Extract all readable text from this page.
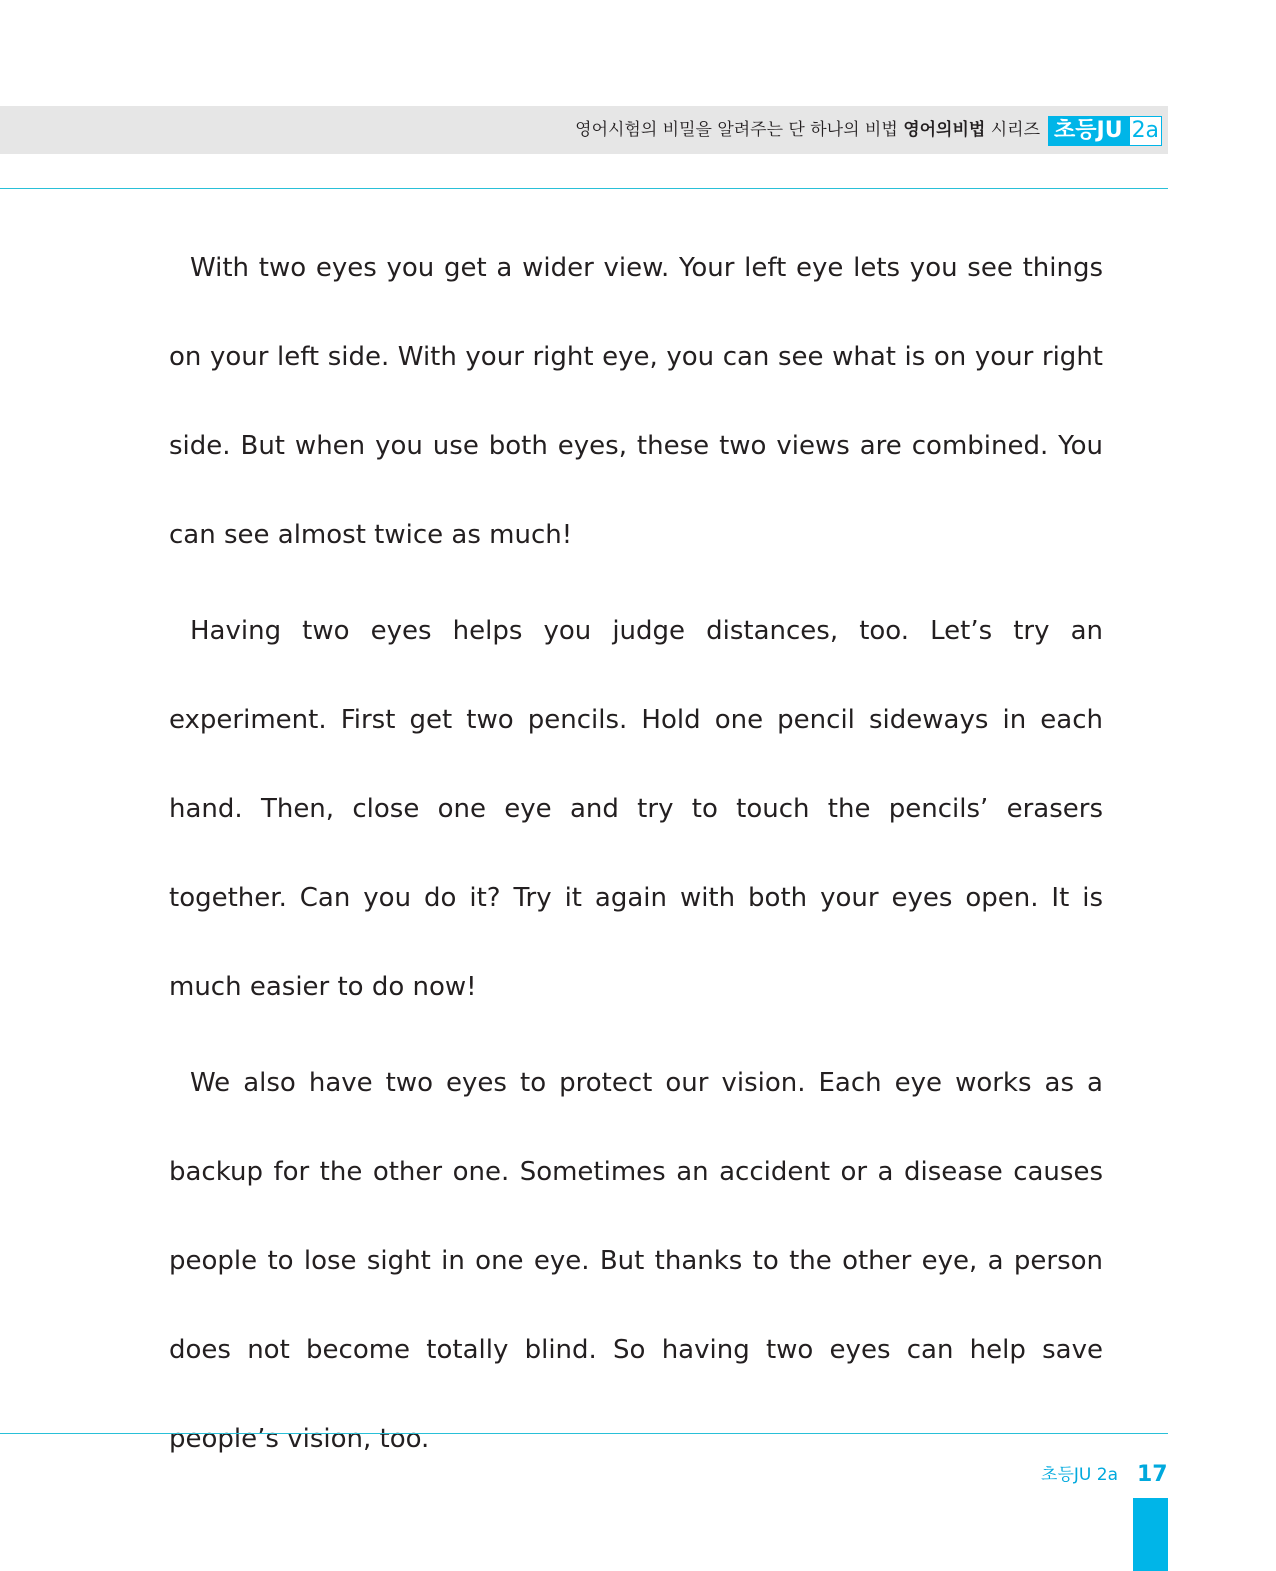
영어시험의 비밀을 알려주는 단 하나의 비법 영어의비법 시리즈 초등JU 2a

With two eyes you get a wider view. Your left eye lets you see things on your left side. With your right eye, you can see what is on your right side. But when you use both eyes, these two views are combined. You can see almost twice as much!

Having two eyes helps you judge distances, too. Let’s try an experiment. First get two pencils. Hold one pencil sideways in each hand. Then, close one eye and try to touch the pencils’ erasers together. Can you do it? Try it again with both your eyes open. It is much easier to do now!

We also have two eyes to protect our vision. Each eye works as a backup for the other one. Sometimes an accident or a disease causes people to lose sight in one eye. But thanks to the other eye, a person does not become totally blind. So having two eyes can help save people’s vision, too.

초등JU 2a 17
